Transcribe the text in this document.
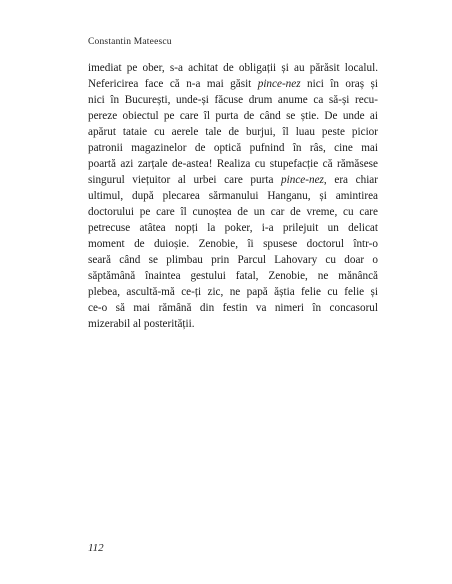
Constantin Mateescu

imediat pe ober, s-a achitat de obligații și au părăsit localul.
Nefericirea face că n-a mai găsit pince-nez nici în oraș și
nici în București, unde-și făcuse drum anume ca să-și recu-
pereze obiectul pe care îl purta de când se știe. De unde ai
apărut tataie cu aerele tale de burjui, îl luau peste picior
patronii magazinelor de optică pufnind în râs, cine mai
poartă azi zarțale de-astea! Realiza cu stupefacție că rămăsese
singurul viețuitor al urbei care purta pince-nez, era chiar
ultimul, după plecarea sărmanului Hanganu, și amintirea
doctorului pe care îl cunoștea de un car de vreme, cu care
petrecuse atâtea nopți la poker, i-a prilejuit un delicat
moment de duioșie. Zenobie, îi spusese doctorul într-o
seară când se plimbau prin Parcul Lahovary cu doar o
săptămână înaintea gestului fatal, Zenobie, ne mănâncă
plebea, ascultă-mă ce-ți zic, ne papă ăștia felie cu felie și
ce-o să mai rămână din festin va nimeri în concasorul
mizerabil al posterității.

112
